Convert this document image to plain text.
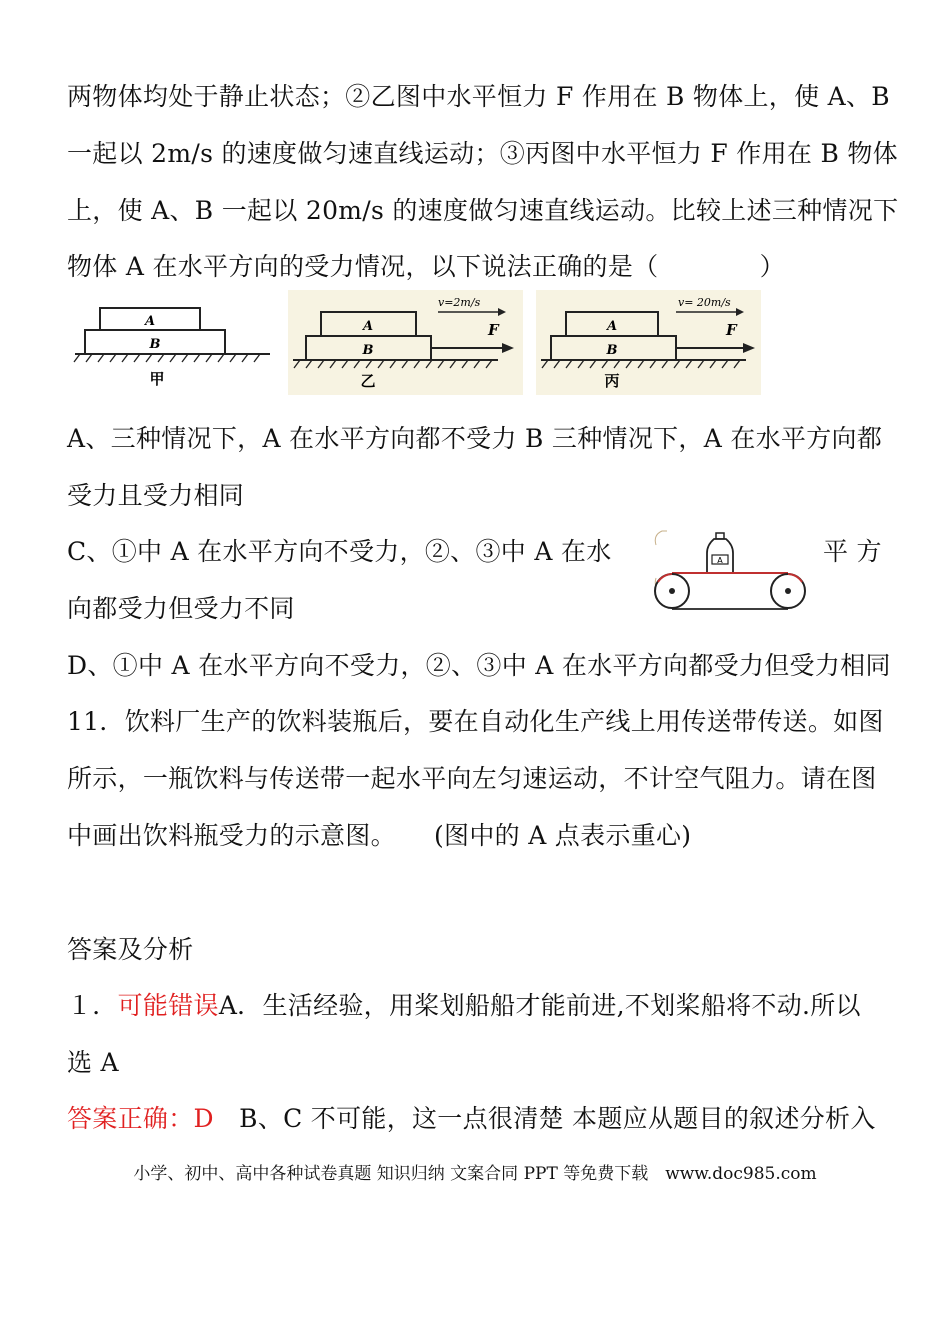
两物体均处于静止状态；②乙图中水平恒力 F 作用在 B 物体上，使 A、B
一起以 2m/s 的速度做匀速直线运动；③丙图中水平恒力 F 作用在 B 物体
上，使 A、B 一起以 20m/s 的速度做匀速直线运动。比较上述三种情况下
物体 A 在水平方向的受力情况，以下说法正确的是（　　　　）
A
B
甲
v=2m/s
F
A
B
乙
v= 20m/s
F
A
B
丙
A、三种情况下，A 在水平方向都不受力 B 三种情况下，A 在水平方向都
受力且受力相同
C、①中 A 在水平方向不受力，②、③中 A 在水	平 方
向都受力但受力不同
A
D、①中 A 在水平方向不受力，②、③中 A 在水平方向都受力但受力相同
11．饮料厂生产的饮料装瓶后，要在自动化生产线上用传送带传送。如图
所示，一瓶饮料与传送带一起水平向左匀速运动，不计空气阻力。请在图
中画出饮料瓶受力的示意图。　　(图中的 A 点表示重心)
答案及分析
１．可能错误A．生活经验，用桨划船船才能前进,不划桨船将不动.所以
选 A
答案正确：D　B、C 不可能，这一点很清楚 本题应从题目的叙述分析入
小学、初中、高中各种试卷真题 知识归纳 文案合同 PPT 等免费下载　www.doc985.com
